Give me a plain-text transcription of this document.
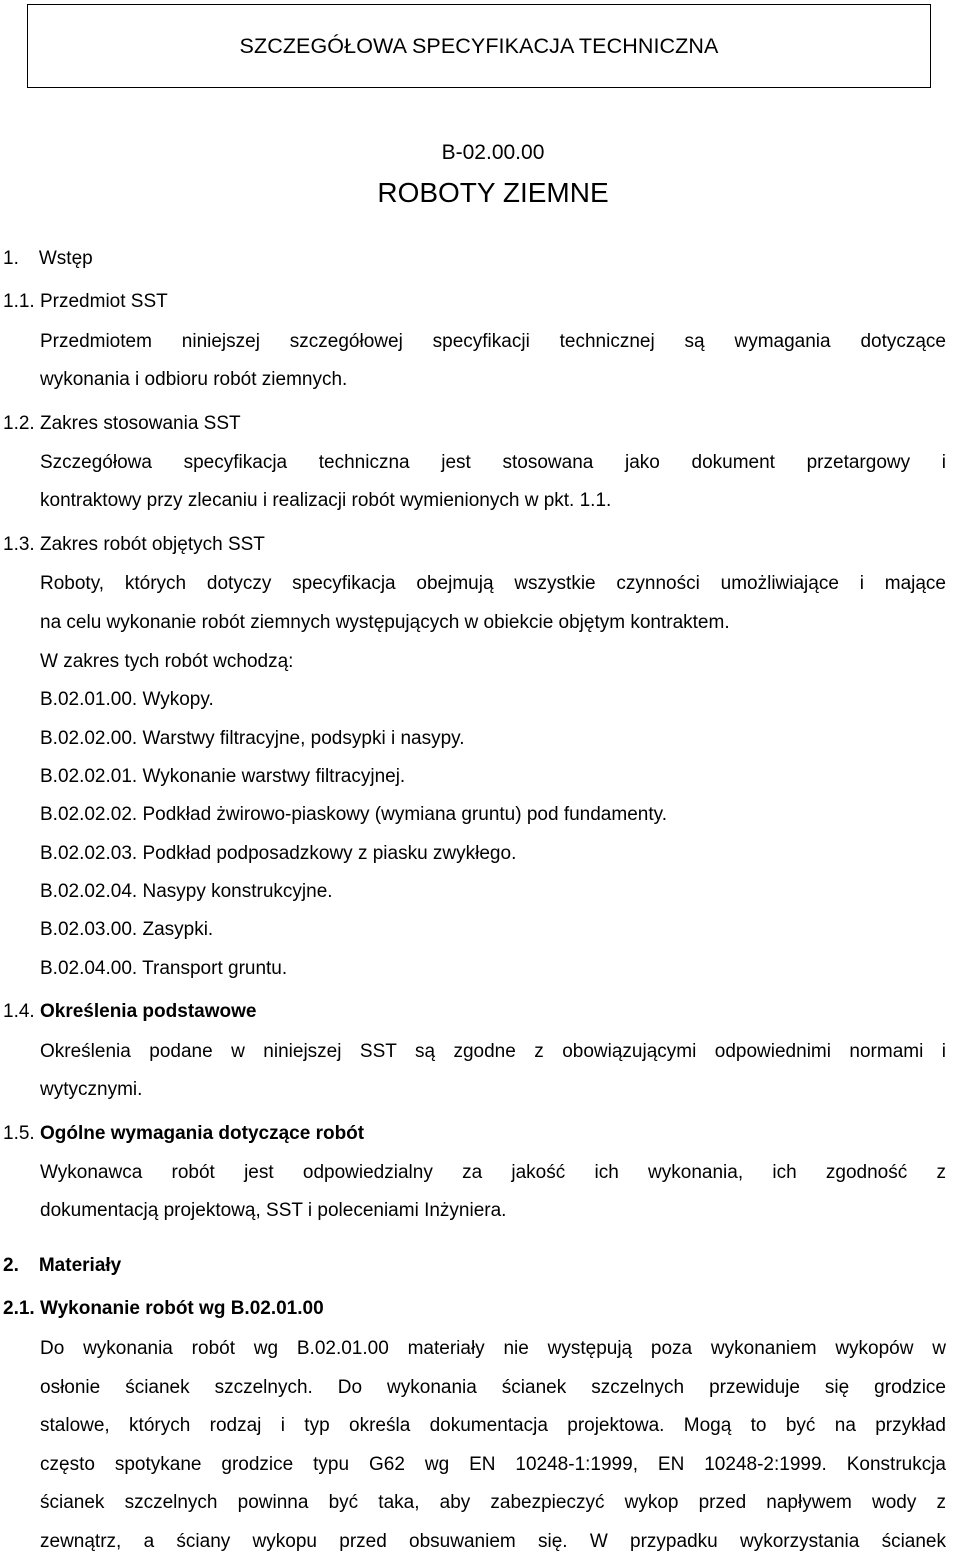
SZCZEGÓŁOWA SPECYFIKACJA TECHNICZNA
B-02.00.00
ROBOTY ZIEMNE
1. Wstęp
1.1. Przedmiot SST
Przedmiotem niniejszej szczegółowej specyfikacji technicznej są wymagania dotyczące
wykonania i odbioru robót ziemnych.
1.2. Zakres stosowania SST
Szczegółowa specyfikacja techniczna jest stosowana jako dokument przetargowy i
kontraktowy przy zlecaniu i realizacji robót wymienionych w pkt. 1.1.
1.3. Zakres robót objętych SST
Roboty, których dotyczy specyfikacja obejmują wszystkie czynności umożliwiające i mające
na celu wykonanie robót ziemnych występujących w obiekcie objętym kontraktem.
W zakres tych robót wchodzą:
B.02.01.00. Wykopy.
B.02.02.00. Warstwy filtracyjne, podsypki i nasypy.
B.02.02.01. Wykonanie warstwy filtracyjnej.
B.02.02.02. Podkład żwirowo-piaskowy (wymiana gruntu) pod fundamenty.
B.02.02.03. Podkład podposadzkowy z piasku zwykłego.
B.02.02.04. Nasypy konstrukcyjne.
B.02.03.00. Zasypki.
B.02.04.00. Transport gruntu.
1.4. Określenia podstawowe
Określenia podane w niniejszej SST są zgodne z obowiązującymi odpowiednimi normami i
wytycznymi.
1.5. Ogólne wymagania dotyczące robót
Wykonawca robót jest odpowiedzialny za jakość ich wykonania, ich zgodność z
dokumentacją projektową, SST i poleceniami Inżyniera.
2. Materiały
2.1. Wykonanie robót wg B.02.01.00
Do wykonania robót wg B.02.01.00 materiały nie występują poza wykonaniem wykopów w
osłonie ścianek szczelnych. Do wykonania ścianek szczelnych przewiduje się grodzice
stalowe, których rodzaj i typ określa dokumentacja projektowa. Mogą to być na przykład
często spotykane grodzice typu G62 wg EN 10248-1:1999, EN 10248-2:1999. Konstrukcja
ścianek szczelnych powinna być taka, aby zabezpieczyć wykop przed napływem wody z
zewnątrz, a ściany wykopu przed obsuwaniem się. W przypadku wykorzystania ścianek
